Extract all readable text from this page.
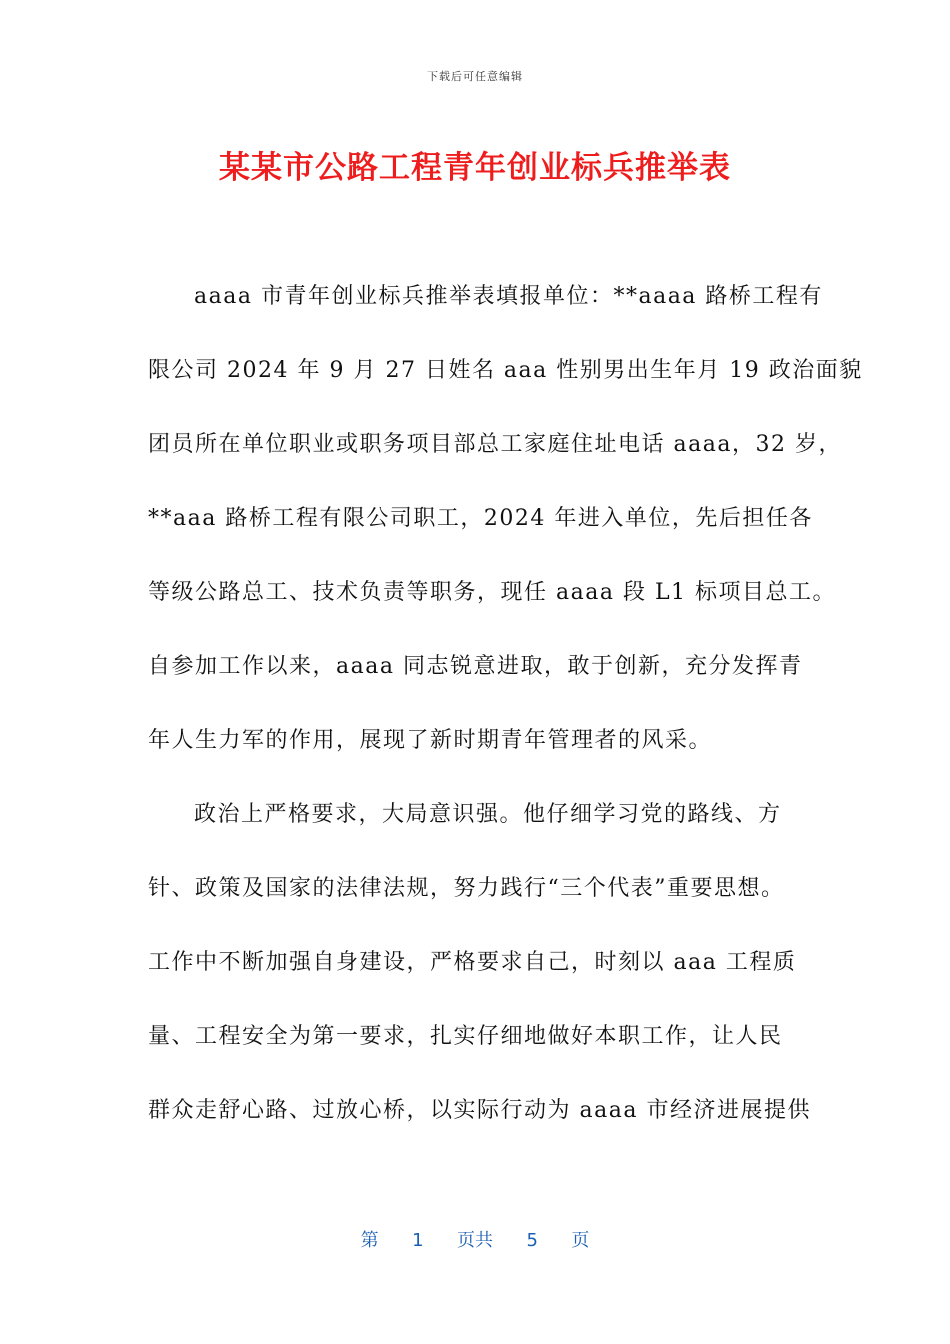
下载后可任意编辑
某某市公路工程青年创业标兵推举表
aaaa 市青年创业标兵推举表填报单位：**aaaa 路桥工程有
限公司 2024 年 9 月 27 日姓名 aaa 性别男出生年月 19 政治面貌
团员所在单位职业或职务项目部总工家庭住址电话 aaaa，32 岁，
**aaa 路桥工程有限公司职工，2024 年进入单位，先后担任各
等级公路总工、技术负责等职务，现任 aaaa 段 L1 标项目总工。
自参加工作以来，aaaa 同志锐意进取，敢于创新，充分发挥青
年人生力军的作用，展现了新时期青年管理者的风采。
政治上严格要求，大局意识强。他仔细学习党的路线、方
针、政策及国家的法律法规，努力践行“三个代表”重要思想。
工作中不断加强自身建设，严格要求自己，时刻以 aaa 工程质
量、工程安全为第一要求，扎实仔细地做好本职工作，让人民
群众走舒心路、过放心桥，以实际行动为 aaaa 市经济进展提供
第 1 页共 5 页
